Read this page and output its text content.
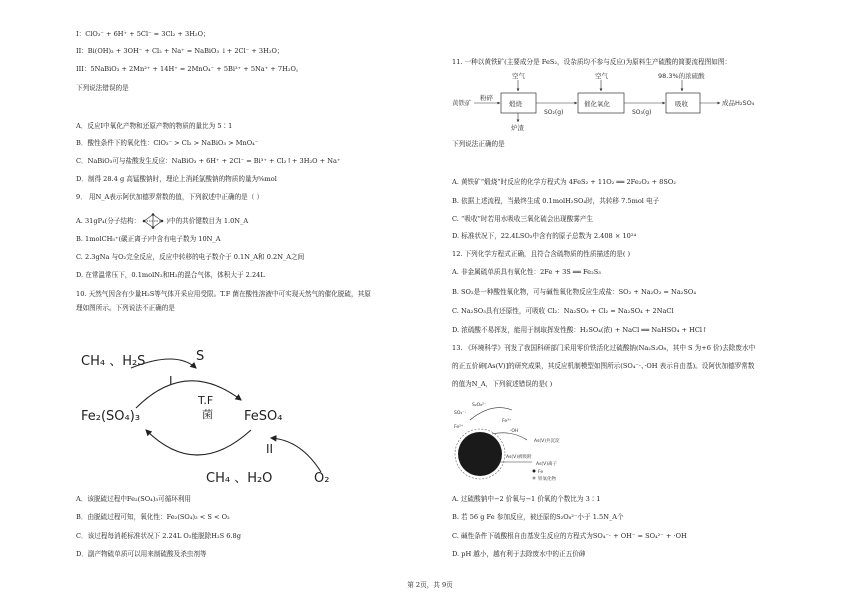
I：ClO₃⁻ + 6H⁺ + 5Cl⁻ = 3Cl₂ + 3H₂O；
II：Bi(OH)₃ + 3OH⁻ + Cl₂ + Na⁺ = NaBiO₃ ↓+ 2Cl⁻ + 3H₂O；
III：5NaBiO₃ + 2Mn²⁺ + 14H⁺ = 2MnO₄⁻ + 5Bi³⁺ + 5Na⁺ + 7H₂O。
下列说法错误的是
A．反应I中氧化产物和还原产物的物质的量比为 5∶1
B．酸性条件下的氧化性：ClO₃⁻ > Cl₂ > NaBiO₃ > MnO₄⁻
C．NaBiO₃可与盐酸发生反应：NaBiO₃ + 6H⁺ + 2Cl⁻ = Bi³⁺ + Cl₂↑+ 3H₂O + Na⁺
D．制得 28.4 g 高锰酸钠时，理论上消耗氯酸钠的物质的量为⅚mol
9． 用N_A表示阿伏加德罗常数的值，下列叙述中正确的是（ ）
A. 31gP₄(分子结构：	)中的共价键数目为 1.0N_A
B. 1molCH₅⁺(碳正离子)中含有电子数为 10N_A
C. 2.3gNa 与O₂完全反应，反应中转移的电子数介于 0.1N_A和 0.2N_A之间
D. 在常温常压下，0.1molN₂和H₂的混合气体，体积大于 2.24L
10. 天然气因含有少量H₂S等气体开采应用受限。T.F 菌在酸性溶液中可实现天然气的催化脱硫，其原
理如图所示。下列说法不正确的是
CH₄ 、H₂S	S
I
Fe₂(SO₄)₃
T.F
菌 FeSO₄
II
CH₄ 、H₂O	O₂
A．该脱硫过程中Fe₂(SO₄)₃可循环利用
B．由脱硫过程可知，氧化性：Fe₂(SO₄)₃ < S < O₂
C．该过程每消耗标准状况下 2.24L O₂能脱除H₂S 6.8g
D．副产物硫单质可以用来制硫酸及杀虫剂等
11. 一种以黄铁矿(主要成分是 FeS₂，设杂质均不参与反应)为原料生产硫酸的简要流程图如图：
空气	空气	98.3%的浓硫酸
黄铁矿
粉碎
煅烧
SO₂(g)
催化氧化
SO₃(g)
吸收	成品H₂SO₄
炉渣
下列说法正确的是
A. 黄铁矿“煅烧”时反应的化学方程式为 4FeS₂ + 11O₂ ══ 2Fe₂O₃ + 8SO₂
B. 依据上述流程，当最终生成 0.1molH₂SO₄时，共转移 7.5mol 电子
C. “吸收”时若用水吸收三氧化硫会出现酸雾产生
D. 标准状况下，22.4LSO₃中含有的原子总数为 2.408 × 10²⁴
12. 下列化学方程式正确，且符合含硫物质的性质描述的是( )
A. 非金属硫单质具有氧化性：2Fe + 3S ══ Fe₂S₃
B. SO₂是一种酸性氧化物，可与碱性氧化物反应生成盐：SO₂ + Na₂O₂ = Na₂SO₄
C. Na₂SO₃具有还原性，可吸收 Cl₂：Na₂SO₃ + Cl₂ = Na₂SO₄ + 2NaCl
D. 浓硫酸不易挥发，能用于制取挥发性酸：H₂SO₄(浓) + NaCl ══ NaHSO₄ + HCl↑
13. 《环境科学》刊发了我国科研部门采用零价铁活化过硫酸钠(Na₂S₂O₈，其中 S 为+6 价)去除废水中
的正五价砷[As(V)]的研究成果，其反应机制模型如图所示(SO₄⁻·、·OH 表示自由基)。设阿伏加德罗常数
的值为N_A，下列叙述错误的是( )
S₂O₈²⁻
Fe²⁺
Fe³⁺
SO₄⁻·
·OH
As(V)共沉淀
As(V)被吸附
As(V)离子
Fe
铁氧化物
A. 过硫酸钠中−2 价氧与−1 价氧的个数比为 3∶1
B. 若 56 g Fe 参加反应，被还原的S₂O₈²⁻小于 1.5N_A个
C. 碱性条件下硫酸根自由基发生反应的方程式为SO₄⁻· + OH⁻ = SO₄²⁻ + ·OH
D. pH 越小，越有利于去除废水中的正五价砷
第 2页，共 9页
